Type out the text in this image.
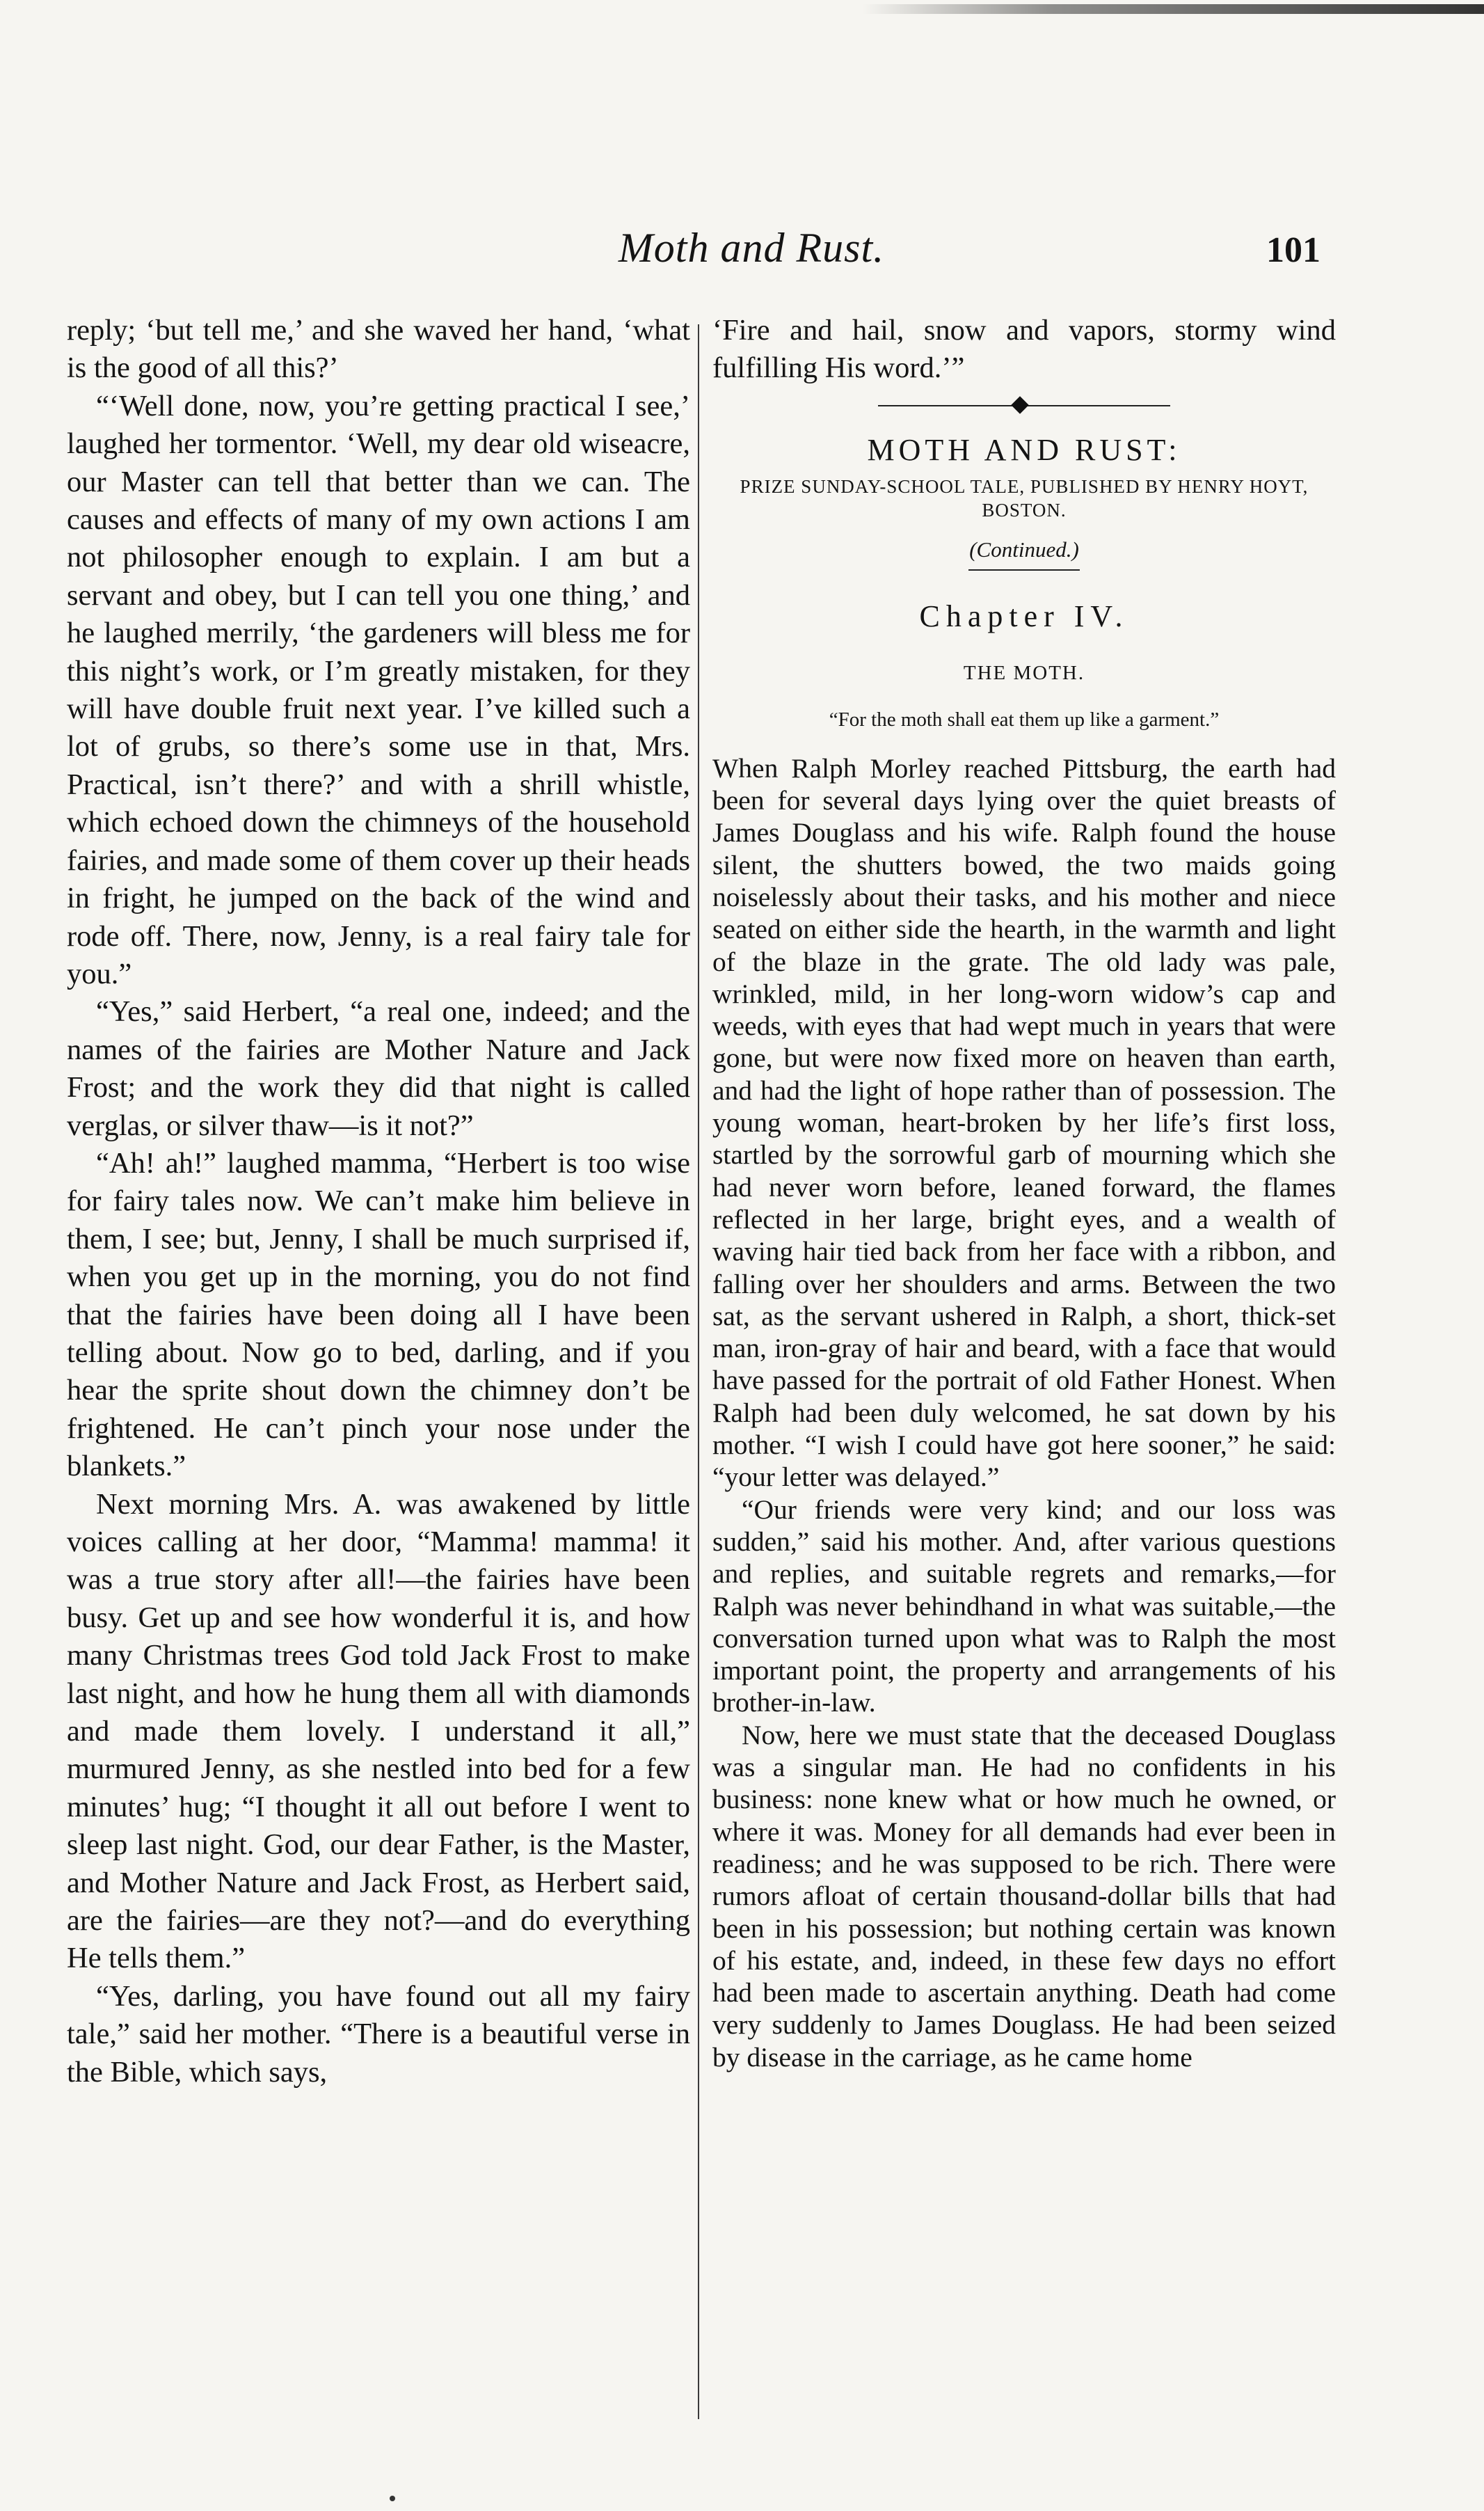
Moth and Rust.	101

reply; ‘but tell me,’ and she waved her hand, ‘what is the good of all this?’

“‘Well done, now, you’re getting practical I see,’ laughed her tormentor. ‘Well, my dear old wiseacre, our Master can tell that better than we can. The causes and effects of many of my own actions I am not philosopher enough to explain. I am but a servant and obey, but I can tell you one thing,’ and he laughed merrily, ‘the gardeners will bless me for this night’s work, or I’m greatly mistaken, for they will have double fruit next year. I’ve killed such a lot of grubs, so there’s some use in that, Mrs. Practical, isn’t there?’ and with a shrill whistle, which echoed down the chimneys of the household fairies, and made some of them cover up their heads in fright, he jumped on the back of the wind and rode off. There, now, Jenny, is a real fairy tale for you.”

“Yes,” said Herbert, “a real one, indeed; and the names of the fairies are Mother Nature and Jack Frost; and the work they did that night is called verglas, or silver thaw—is it not?”

“Ah! ah!” laughed mamma, “Herbert is too wise for fairy tales now. We can’t make him believe in them, I see; but, Jenny, I shall be much surprised if, when you get up in the morning, you do not find that the fairies have been doing all I have been telling about. Now go to bed, darling, and if you hear the sprite shout down the chimney don’t be frightened. He can’t pinch your nose under the blankets.”

Next morning Mrs. A. was awakened by little voices calling at her door, “Mamma! mamma! it was a true story after all!—the fairies have been busy. Get up and see how wonderful it is, and how many Christmas trees God told Jack Frost to make last night, and how he hung them all with diamonds and made them lovely. I understand it all,” murmured Jenny, as she nestled into bed for a few minutes’ hug; “I thought it all out before I went to sleep last night. God, our dear Father, is the Master, and Mother Nature and Jack Frost, as Herbert said, are the fairies—are they not?—and do everything He tells them.”

“Yes, darling, you have found out all my fairy tale,” said her mother. “There is a beautiful verse in the Bible, which says,

‘Fire and hail, snow and vapors, stormy wind fulfilling His word.’”

MOTH AND RUST:
PRIZE SUNDAY-SCHOOL TALE, PUBLISHED BY HENRY HOYT, BOSTON.
(Continued.)
Chapter IV.
THE MOTH.
“For the moth shall eat them up like a garment.”

When Ralph Morley reached Pittsburg, the earth had been for several days lying over the quiet breasts of James Douglass and his wife. Ralph found the house silent, the shutters bowed, the two maids going noiselessly about their tasks, and his mother and niece seated on either side the hearth, in the warmth and light of the blaze in the grate. The old lady was pale, wrinkled, mild, in her long-worn widow’s cap and weeds, with eyes that had wept much in years that were gone, but were now fixed more on heaven than earth, and had the light of hope rather than of possession. The young woman, heart-broken by her life’s first loss, startled by the sorrowful garb of mourning which she had never worn before, leaned forward, the flames reflected in her large, bright eyes, and a wealth of waving hair tied back from her face with a ribbon, and falling over her shoulders and arms. Between the two sat, as the servant ushered in Ralph, a short, thick-set man, iron-gray of hair and beard, with a face that would have passed for the portrait of old Father Honest. When Ralph had been duly welcomed, he sat down by his mother. “I wish I could have got here sooner,” he said: “your letter was delayed.”

“Our friends were very kind; and our loss was sudden,” said his mother. And, after various questions and replies, and suitable regrets and remarks,—for Ralph was never behindhand in what was suitable,—the conversation turned upon what was to Ralph the most important point, the property and arrangements of his brother-in-law.

Now, here we must state that the deceased Douglass was a singular man. He had no confidents in his business: none knew what or how much he owned, or where it was. Money for all demands had ever been in readiness; and he was supposed to be rich. There were rumors afloat of certain thousand-dollar bills that had been in his possession; but nothing certain was known of his estate, and, indeed, in these few days no effort had been made to ascertain anything. Death had come very suddenly to James Douglass. He had been seized by disease in the carriage, as he came home
